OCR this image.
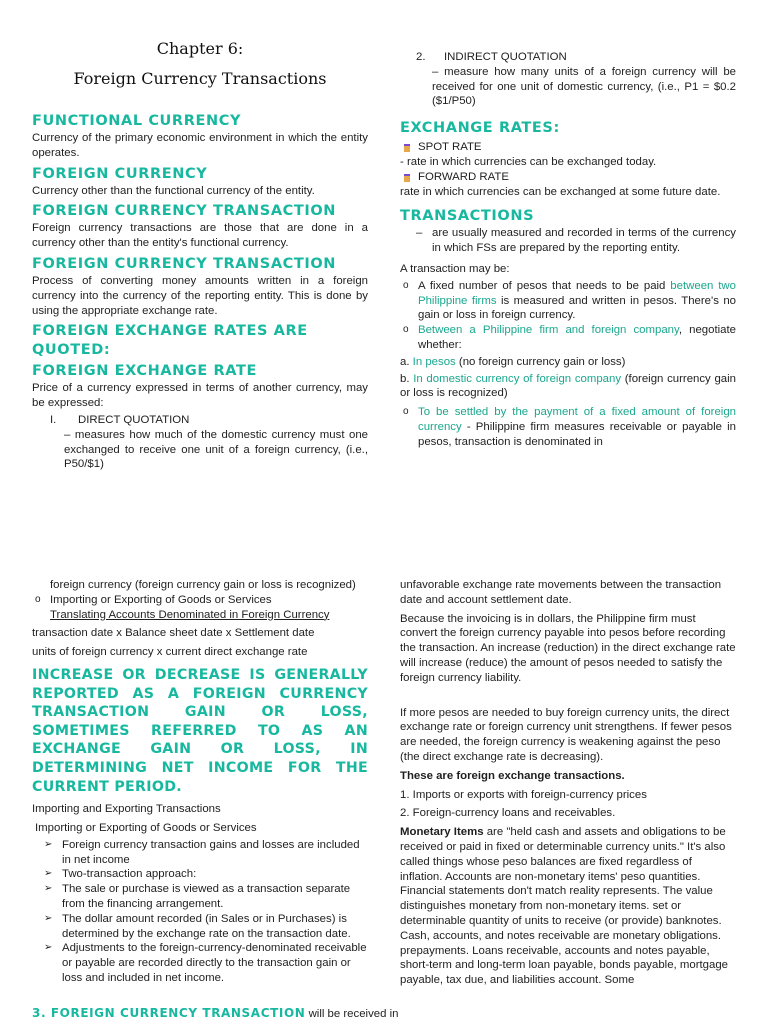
Chapter 6:
Foreign Currency Transactions
FUNCTIONAL CURRENCY

Currency of the primary economic environment in which the entity operates.

FOREIGN CURRENCY

Currency other than the functional currency of the entity.

FOREIGN CURRENCY TRANSACTION

Foreign currency transactions are those that are done in a currency other than the entity's functional currency.

FOREIGN CURRENCY TRANSACTION

Process of converting money amounts written in a foreign currency into the currency of the reporting entity. This is done by using the appropriate exchange rate.

FOREIGN EXCHANGE RATES ARE QUOTED:
FOREIGN EXCHANGE RATE

Price of a currency expressed in terms of another currency, may be expressed:

I. DIRECT QUOTATION

– measures how much of the domestic currency must one exchanged to receive one unit of a foreign currency, (i.e., P50/$1)

2. INDIRECT QUOTATION

– measure how many units of a foreign currency will be received for one unit of domestic currency, (i.e., P1 = $0.2 ($1/P50)

EXCHANGE RATES:
SPOT RATE

- rate in which currencies can be exchanged today.

FORWARD RATE

rate in which currencies can be exchanged at some future date.

TRANSACTIONS

– are usually measured and recorded in terms of the currency in which FSs are prepared by the reporting entity.

A transaction may be:

o A fixed number of pesos that needs to be paid between two Philippine firms is measured and written in pesos. There's no gain or loss in foreign currency.
o Between a Philippine firm and foreign company, negotiate whether:

a. In pesos (no foreign currency gain or loss)

b. In domestic currency of foreign company (foreign currency gain or loss is recognized)

o To be settled by the payment of a fixed amount of foreign currency - Philippine firm measures receivable or payable in pesos, transaction is denominated in

foreign currency (foreign currency gain or loss is recognized)

o Importing or Exporting of Goods or Services

Translating Accounts Denominated in Foreign Currency

transaction date x Balance sheet date x Settlement date

units of foreign currency x current direct exchange rate

INCREASE OR DECREASE IS GENERALLY REPORTED AS A FOREIGN CURRENCY TRANSACTION GAIN OR LOSS, SOMETIMES REFERRED TO AS AN EXCHANGE GAIN OR LOSS, IN DETERMINING NET INCOME FOR THE CURRENT PERIOD.

Importing and Exporting Transactions

Importing or Exporting of Goods or Services

➢ Foreign currency transaction gains and losses are included in net income
➢ Two-transaction approach:
➢ The sale or purchase is viewed as a transaction separate from the financing arrangement.
➢ The dollar amount recorded (in Sales or in Purchases) is determined by the exchange rate on the transaction date.
➢ Adjustments to the foreign-currency-denominated receivable or payable are recorded directly to the transaction gain or loss and included in net income.

3. FOREIGN CURRENCY TRANSACTION will be received in

unfavorable exchange rate movements between the transaction date and account settlement date.

Because the invoicing is in dollars, the Philippine firm must convert the foreign currency payable into pesos before recording the transaction. An increase (reduction) in the direct exchange rate will increase (reduce) the amount of pesos needed to satisfy the foreign currency liability.

If more pesos are needed to buy foreign currency units, the direct exchange rate or foreign currency unit strengthens. If fewer pesos are needed, the foreign currency is weakening against the peso (the direct exchange rate is decreasing).

These are foreign exchange transactions.

1. Imports or exports with foreign-currency prices

2. Foreign-currency loans and receivables.

Monetary Items are "held cash and assets and obligations to be received or paid in fixed or determinable currency units." It's also called things whose peso balances are fixed regardless of inflation. Accounts are non-monetary items' peso quantities. Financial statements don't match reality represents. The value distinguishes monetary from non-monetary items. set or determinable quantity of units to receive (or provide) banknotes. Cash, accounts, and notes receivable are monetary obligations. prepayments. Loans receivable, accounts and notes payable, short-term and long-term loan payable, bonds payable, mortgage payable, tax due, and liabilities account. Some
